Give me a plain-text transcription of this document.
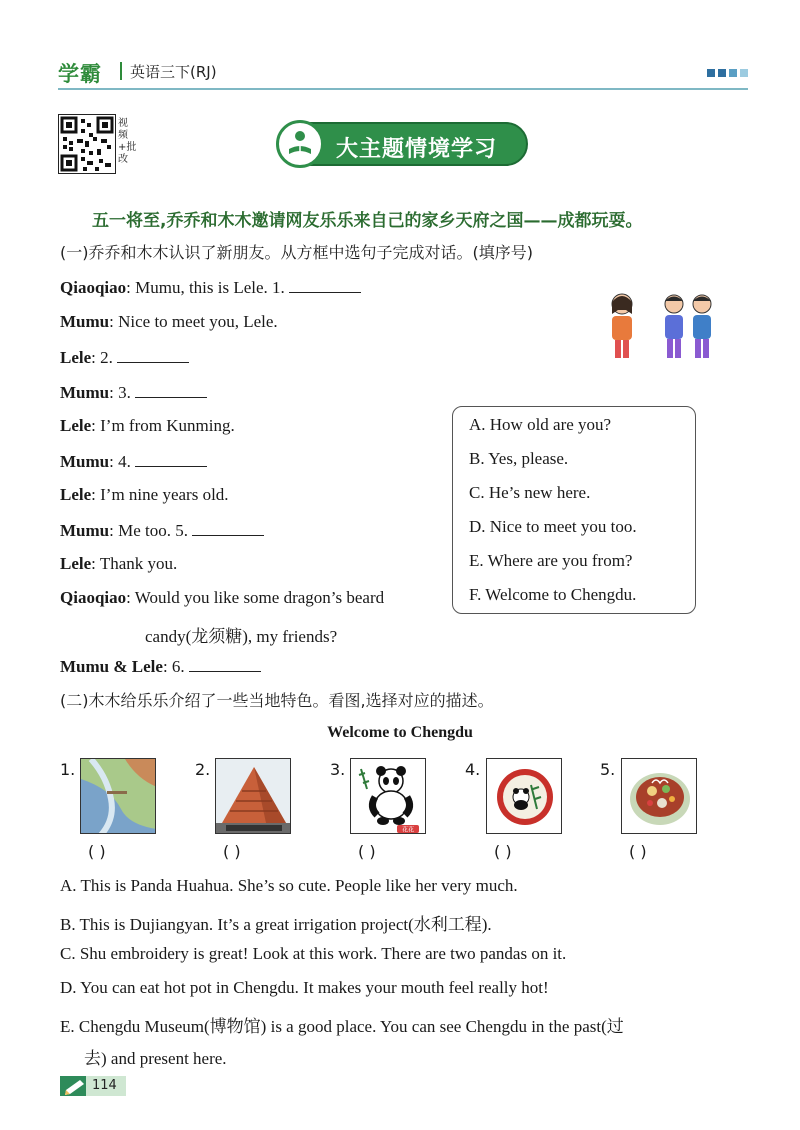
学霸 英语三下(RJ)
视频+批改	大主题情境学习
五一将至,乔乔和木木邀请网友乐乐来自己的家乡天府之国——成都玩耍。
(一)乔乔和木木认识了新朋友。从方框中选句子完成对话。(填序号)
Qiaoqiao: Mumu, this is Lele. 1.
Mumu: Nice to meet you, Lele.
Lele: 2.
Mumu: 3.
Lele: I’m from Kunming.
Mumu: 4.
Lele: I’m nine years old.
Mumu: Me too. 5.
Lele: Thank you.
Qiaoqiao: Would you like some dragon’s beard
candy(龙须糖), my friends?
Mumu & Lele: 6.
A. How old are you?
B. Yes, please.
C. He’s new here.
D. Nice to meet you too.
E. Where are you from?
F. Welcome to Chengdu.
(二)木木给乐乐介绍了一些当地特色。看图,选择对应的描述。
Welcome to Chengdu
1.	2.	3.
花花
4.	5.
( )	( )	( )	( )	( )
A. This is Panda Huahua. She’s so cute. People like her very much.
B. This is Dujiangyan. It’s a great irrigation project(水利工程).
C. Shu embroidery is great! Look at this work. There are two pandas on it.
D. You can eat hot pot in Chengdu. It makes your mouth feel really hot!
E. Chengdu Museum(博物馆) is a good place. You can see Chengdu in the past(过
去) and present here.
114
